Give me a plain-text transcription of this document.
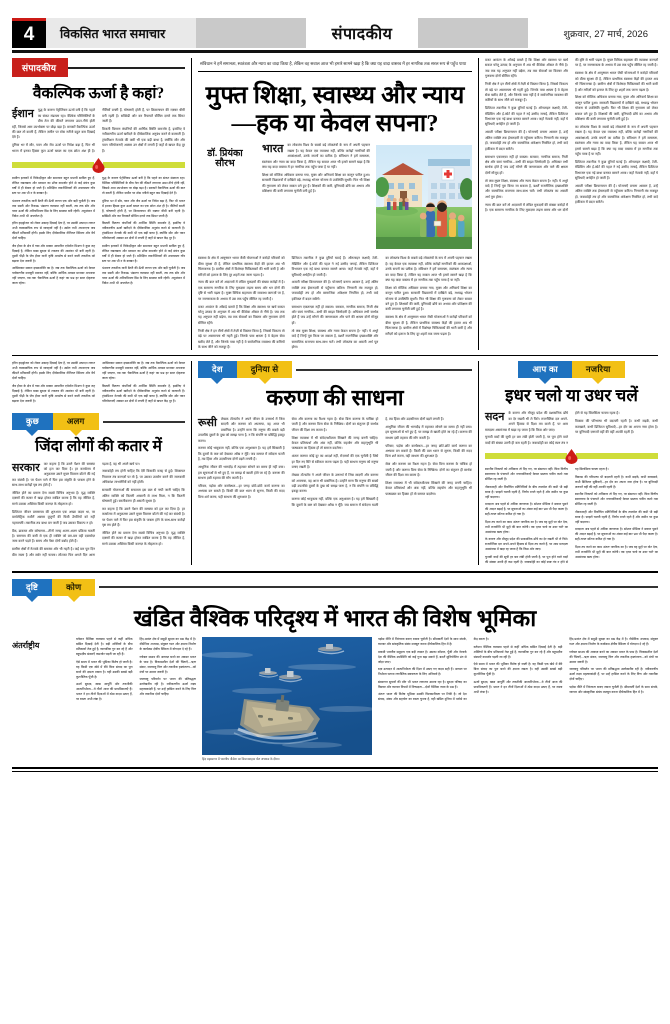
4	विकसित भारत समाचार	संपादकीय	शुक्रवार, 27 मार्च, 2026
संपादकीय
वैकल्पिक ऊर्जा है कहां?
ईशान	युद्ध के कारण पेट्रोलियम ऊर्जा बनी है कि पहले का संकट मंडराता रहा। वैश्विक परिस्थितियों के बीच तेल की कीमतें लगातार ऊपर-नीचे होती रहीं, जिससे आम उपभोक्ता पर बोझ बढ़ा है। सरकारें वैकल्पिक ऊर्जा की बात तो करती हैं, लेकिन ज़मीन पर ठोस नतीजे बहुत कम दिखाई देते हैं।

दुनिया भर में सौर, पवन और जैव ऊर्जा पर निवेश बढ़ा है, फिर भी भारत में इनका हिस्सा कुल ऊर्जा खपत का एक छोटा अंश ही है। नीतियाँ बनती हैं, घोषणाएँ होती हैं, पर क्रियान्वयन की रफ़्तार धीमी बनी रहती है। सब्सिडी और कर रियायतें सीमित दायरे तक सिमट जाती हैं।

बिजली वितरण कंपनियों की आर्थिक स्थिति कमजोर है, इसलिए वे नवीकरणीय ऊर्जा खरीदने के दीर्घकालिक अनुबंध करने से कतराती हैं। ट्रांसमिशन नेटवर्क की कमी भी एक बड़ी बाधा है, क्योंकि सौर और पवन परियोजनाएँ अक्सर उन क्षेत्रों में लगती हैं जहाँ से खपत केंद्र दूर हैं।

ग्रामीण इलाकों में विकेन्द्रीकृत सौर समाधान बहुत प्रभावी साबित हुए हैं, लेकिन रखरखाव और मरम्मत का ढाँचा कमजोर होने से कई संयंत्र कुछ वर्षों में ही बेकार हो जाते हैं। प्रशिक्षित तकनीशियनों की उपलब्धता गाँव स्तर पर अब भी न के बराबर है।

भंडारण तकनीक यानी बैटरी की ऊँची लागत एक और बड़ी चुनौती है। जब तक सस्ती और टिकाऊ भंडारण व्यवस्था नहीं बनती, तब तक सौर और पवन ऊर्जा की अनियमितता ग्रिड के लिए समस्या बनी रहेगी। अनुसंधान में निवेश अभी भी अपर्याप्त है।

हरित हाइड्रोजन को लेकर उत्साह दिखाई देता है, पर उसकी उत्पादन लागत अभी व्यावसायिक रूप से व्यवहार्य नहीं है। उद्योग तभी अपनाएगा जब कीमतें प्रतिस्पर्धी होंगी। इसके लिए दीर्घकालिक नीतिगत स्थिरता और धैर्य दोनों चाहिए।

जैव ईंधन के क्षेत्र में गन्ना और मक्का आधारित एथेनॉल मिश्रण ने कुछ राह दिखाई है, लेकिन खाद्य सुरक्षा से टकराव की आशंका भी बनी रहती है। दूसरी पीढ़ी के जैव ईंधन यानी कृषि अवशेष से बनने वाली तकनीक को बढ़ावा देना ज़रूरी है।

आखिरकार सवाल इच्छाशक्ति का है। जब तक वैकल्पिक ऊर्जा को केवल पर्यावरणीय मजबूरी मानकर नहीं, बल्कि आर्थिक अवसर मानकर अपनाया नहीं जाएगा, तब तक 'वैकल्पिक ऊर्जा है कहां' का प्रश्न हर साल दोहराया जाता रहेगा।

युद्ध के कारण पेट्रोलियम ऊर्जा बनी है कि पहले का संकट मंडराता रहा। वैश्विक परिस्थितियों के बीच तेल की कीमतें लगातार ऊपर-नीचे होती रहीं, जिससे आम उपभोक्ता पर बोझ बढ़ा है। सरकारें वैकल्पिक ऊर्जा की बात तो करती हैं, लेकिन ज़मीन पर ठोस नतीजे बहुत कम दिखाई देते हैं।

दुनिया भर में सौर, पवन और जैव ऊर्जा पर निवेश बढ़ा है, फिर भी भारत में इनका हिस्सा कुल ऊर्जा खपत का एक छोटा अंश ही है। नीतियाँ बनती हैं, घोषणाएँ होती हैं, पर क्रियान्वयन की रफ़्तार धीमी बनी रहती है। सब्सिडी और कर रियायतें सीमित दायरे तक सिमट जाती हैं।

बिजली वितरण कंपनियों की आर्थिक स्थिति कमजोर है, इसलिए वे नवीकरणीय ऊर्जा खरीदने के दीर्घकालिक अनुबंध करने से कतराती हैं। ट्रांसमिशन नेटवर्क की कमी भी एक बड़ी बाधा है, क्योंकि सौर और पवन परियोजनाएँ अक्सर उन क्षेत्रों में लगती हैं जहाँ से खपत केंद्र दूर हैं।

ग्रामीण इलाकों में विकेन्द्रीकृत सौर समाधान बहुत प्रभावी साबित हुए हैं, लेकिन रखरखाव और मरम्मत का ढाँचा कमजोर होने से कई संयंत्र कुछ वर्षों में ही बेकार हो जाते हैं। प्रशिक्षित तकनीशियनों की उपलब्धता गाँव स्तर पर अब भी न के बराबर है।

भंडारण तकनीक यानी बैटरी की ऊँची लागत एक और बड़ी चुनौती है। जब तक सस्ती और टिकाऊ भंडारण व्यवस्था नहीं बनती, तब तक सौर और पवन ऊर्जा की अनियमितता ग्रिड के लिए समस्या बनी रहेगी। अनुसंधान में निवेश अभी भी अपर्याप्त है।

संविधान ने हमें समानता, स्वतंत्रता और न्याय का वादा किया है, लेकिन वह सवाल आज भी हमारे सामने खड़ा है कि क्या यह वादा वास्तव में हर नागरिक तक सरल रूप से पहुँच पाया
मुफ्त शिक्षा, स्वास्थ्य और न्याय—हक या केवल सपना?
डॉ. प्रियंका सौरभ
भारत	का लोकतंत्र विश्व के सबसे बड़े लोकतंत्रों के रूप में अपनी पहचान रखता है। यह केवल एक व्यवस्था नहीं, बल्कि करोड़ों नागरिकों की आकांक्षाओं, उनके सपनों का प्रतीक है। संविधान ने हमें समानता, स्वतंत्रता और न्याय का वादा किया है, लेकिन यह सवाल आज भी हमारे सामने खड़ा है कि क्या यह वादा वास्तव में हर नागरिक तक पहुँच पाया है या नहीं।

शिक्षा को मौलिक अधिकार बनाया गया, मुफ़्त और अनिवार्य शिक्षा का कानून पारित हुआ। सरकारी विद्यालयों में दाखिले बढ़े, मध्याह्न भोजन योजना से उपस्थिति सुधरी। फिर भी शिक्षा की गुणवत्ता को लेकर सवाल बने हुए हैं। शिक्षकों की कमी, बुनियादी ढाँचे का अभाव और प्रशिक्षण की कमी लगातार चुनौती बनी हुई है।

स्वास्थ्य के क्षेत्र में आयुष्मान भारत जैसी योजनाओं ने करोड़ों परिवारों को बीमा सुरक्षा दी है, लेकिन प्राथमिक स्वास्थ्य केंद्रों की हालत अब भी चिंताजनक है। ग्रामीण क्षेत्रों में विशेषज्ञ चिकित्सकों की भारी कमी है और मरीज़ों को इलाज के लिए दूर शहरों तक जाना पड़ता है।

न्याय की बात करें तो अदालतों में लंबित मुकदमों की संख्या करोड़ों में है। एक सामान्य नागरिक के लिए मुकदमा लड़ना समय और धन दोनों की दृष्टि से भारी पड़ता है। मुफ़्त विधिक सहायता की व्यवस्था कागज़ों पर है, पर जागरूकता के अभाव में उस तक पहुँच सीमित रह जाती है।

बजट आवंटन के आँकड़े बताते हैं कि शिक्षा और स्वास्थ्य पर खर्च सकल घरेलू उत्पाद के अनुपात में अब भी वैश्विक औसत से नीचे है। जब तक यह अनुपात नहीं बढ़ेगा, तब तक सेवाओं का विस्तार और गुणवत्ता दोनों सीमित रहेंगे।

निजी क्षेत्र ने इन तीनों क्षेत्रों में तेज़ी से विस्तार किया है, जिससे विकल्प तो बढ़े पर असमानता भी गहरी हुई। जिनके पास क्षमता है वे बेहतर सेवा खरीद लेते हैं, और जिनके पास नहीं है वे सार्वजनिक व्यवस्था की कमियों के साथ जीने को मजबूर हैं।

डिजिटल तकनीक ने कुछ दूरियाँ घटाई हैं। ऑनलाइन कक्षाएँ, टेली-मेडिसिन और ई-कोर्ट की पहल ने नई उम्मीद जगाई, लेकिन डिजिटल विभाजन एक नई बाधा बनकर सामने आया। जहाँ नेटवर्क नहीं, वहाँ ये सुविधाएँ अर्थहीन हो जाती हैं।

असली परीक्षा क्रियान्वयन की है। योजनाएँ बनाना आसान है, उन्हें अंतिम व्यक्ति तक ईमानदारी से पहुँचाना कठिन। निगरानी तंत्र मजबूत हो, जवाबदेही तय हो और सामाजिक अंकेक्षण नियमित हो, तभी वादे हकीकत में बदल सकेंगे।

समाधान एकतरफ़ा नहीं हो सकता। सरकार, नागरिक समाज, निजी क्षेत्र और स्वयं नागरिक—सभी की साझा जिम्मेदारी है। अधिकार तभी सार्थक होते हैं जब उन्हें माँगने की जागरूकता और पाने की क्षमता दोनों मौजूद हों।

तो क्या मुफ़्त शिक्षा, स्वास्थ्य और न्याय केवल सपना है? नहीं। ये अधूरे वादे हैं जिन्हें पूरा किया जा सकता है, बशर्ते राजनीतिक इच्छाशक्ति और सामाजिक सजगता साथ-साथ चलें। तभी लोकतंत्र का असली अर्थ पूरा होगा।

का लोकतंत्र विश्व के सबसे बड़े लोकतंत्रों के रूप में अपनी पहचान रखता है। यह केवल एक व्यवस्था नहीं, बल्कि करोड़ों नागरिकों की आकांक्षाओं, उनके सपनों का प्रतीक है। संविधान ने हमें समानता, स्वतंत्रता और न्याय का वादा किया है, लेकिन यह सवाल आज भी हमारे सामने खड़ा है कि क्या यह वादा वास्तव में हर नागरिक तक पहुँच पाया है या नहीं।

शिक्षा को मौलिक अधिकार बनाया गया, मुफ़्त और अनिवार्य शिक्षा का कानून पारित हुआ। सरकारी विद्यालयों में दाखिले बढ़े, मध्याह्न भोजन योजना से उपस्थिति सुधरी। फिर भी शिक्षा की गुणवत्ता को लेकर सवाल बने हुए हैं। शिक्षकों की कमी, बुनियादी ढाँचे का अभाव और प्रशिक्षण की कमी लगातार चुनौती बनी हुई है।

स्वास्थ्य के क्षेत्र में आयुष्मान भारत जैसी योजनाओं ने करोड़ों परिवारों को बीमा सुरक्षा दी है, लेकिन प्राथमिक स्वास्थ्य केंद्रों की हालत अब भी चिंताजनक है। ग्रामीण क्षेत्रों में विशेषज्ञ चिकित्सकों की भारी कमी है और मरीज़ों को इलाज के लिए दूर शहरों तक जाना पड़ता है।

बजट आवंटन के आँकड़े बताते हैं कि शिक्षा और स्वास्थ्य पर खर्च सकल घरेलू उत्पाद के अनुपात में अब भी वैश्विक औसत से नीचे है। जब तक यह अनुपात नहीं बढ़ेगा, तब तक सेवाओं का विस्तार और गुणवत्ता दोनों सीमित रहेंगे।

निजी क्षेत्र ने इन तीनों क्षेत्रों में तेज़ी से विस्तार किया है, जिससे विकल्प तो बढ़े पर असमानता भी गहरी हुई। जिनके पास क्षमता है वे बेहतर सेवा खरीद लेते हैं, और जिनके पास नहीं है वे सार्वजनिक व्यवस्था की कमियों के साथ जीने को मजबूर हैं।

डिजिटल तकनीक ने कुछ दूरियाँ घटाई हैं। ऑनलाइन कक्षाएँ, टेली-मेडिसिन और ई-कोर्ट की पहल ने नई उम्मीद जगाई, लेकिन डिजिटल विभाजन एक नई बाधा बनकर सामने आया। जहाँ नेटवर्क नहीं, वहाँ ये सुविधाएँ अर्थहीन हो जाती हैं।

असली परीक्षा क्रियान्वयन की है। योजनाएँ बनाना आसान है, उन्हें अंतिम व्यक्ति तक ईमानदारी से पहुँचाना कठिन। निगरानी तंत्र मजबूत हो, जवाबदेही तय हो और सामाजिक अंकेक्षण नियमित हो, तभी वादे हकीकत में बदल सकेंगे।

समाधान एकतरफ़ा नहीं हो सकता। सरकार, नागरिक समाज, निजी क्षेत्र और स्वयं नागरिक—सभी की साझा जिम्मेदारी है। अधिकार तभी सार्थक होते हैं जब उन्हें माँगने की जागरूकता और पाने की क्षमता दोनों मौजूद हों।

तो क्या मुफ़्त शिक्षा, स्वास्थ्य और न्याय केवल सपना है? नहीं। ये अधूरे वादे हैं जिन्हें पूरा किया जा सकता है, बशर्ते राजनीतिक इच्छाशक्ति और सामाजिक सजगता साथ-साथ चलें। तभी लोकतंत्र का असली अर्थ पूरा होगा।

न्याय की बात करें तो अदालतों में लंबित मुकदमों की संख्या करोड़ों में है। एक सामान्य नागरिक के लिए मुकदमा लड़ना समय और धन दोनों की दृष्टि से भारी पड़ता है। मुफ़्त विधिक सहायता की व्यवस्था कागज़ों पर है, पर जागरूकता के अभाव में उस तक पहुँच सीमित रह जाती है।

स्वास्थ्य के क्षेत्र में आयुष्मान भारत जैसी योजनाओं ने करोड़ों परिवारों को बीमा सुरक्षा दी है, लेकिन प्राथमिक स्वास्थ्य केंद्रों की हालत अब भी चिंताजनक है। ग्रामीण क्षेत्रों में विशेषज्ञ चिकित्सकों की भारी कमी है और मरीज़ों को इलाज के लिए दूर शहरों तक जाना पड़ता है।

शिक्षा को मौलिक अधिकार बनाया गया, मुफ़्त और अनिवार्य शिक्षा का कानून पारित हुआ। सरकारी विद्यालयों में दाखिले बढ़े, मध्याह्न भोजन योजना से उपस्थिति सुधरी। फिर भी शिक्षा की गुणवत्ता को लेकर सवाल बने हुए हैं। शिक्षकों की कमी, बुनियादी ढाँचे का अभाव और प्रशिक्षण की कमी लगातार चुनौती बनी हुई है।

का लोकतंत्र विश्व के सबसे बड़े लोकतंत्रों के रूप में अपनी पहचान रखता है। यह केवल एक व्यवस्था नहीं, बल्कि करोड़ों नागरिकों की आकांक्षाओं, उनके सपनों का प्रतीक है। संविधान ने हमें समानता, स्वतंत्रता और न्याय का वादा किया है, लेकिन यह सवाल आज भी हमारे सामने खड़ा है कि क्या यह वादा वास्तव में हर नागरिक तक पहुँच पाया है या नहीं।

डिजिटल तकनीक ने कुछ दूरियाँ घटाई हैं। ऑनलाइन कक्षाएँ, टेली-मेडिसिन और ई-कोर्ट की पहल ने नई उम्मीद जगाई, लेकिन डिजिटल विभाजन एक नई बाधा बनकर सामने आया। जहाँ नेटवर्क नहीं, वहाँ ये सुविधाएँ अर्थहीन हो जाती हैं।

असली परीक्षा क्रियान्वयन की है। योजनाएँ बनाना आसान है, उन्हें अंतिम व्यक्ति तक ईमानदारी से पहुँचाना कठिन। निगरानी तंत्र मजबूत हो, जवाबदेही तय हो और सामाजिक अंकेक्षण नियमित हो, तभी वादे हकीकत में बदल सकेंगे।

हरित हाइड्रोजन को लेकर उत्साह दिखाई देता है, पर उसकी उत्पादन लागत अभी व्यावसायिक रूप से व्यवहार्य नहीं है। उद्योग तभी अपनाएगा जब कीमतें प्रतिस्पर्धी होंगी। इसके लिए दीर्घकालिक नीतिगत स्थिरता और धैर्य दोनों चाहिए।

जैव ईंधन के क्षेत्र में गन्ना और मक्का आधारित एथेनॉल मिश्रण ने कुछ राह दिखाई है, लेकिन खाद्य सुरक्षा से टकराव की आशंका भी बनी रहती है। दूसरी पीढ़ी के जैव ईंधन यानी कृषि अवशेष से बनने वाली तकनीक को बढ़ावा देना ज़रूरी है।

आखिरकार सवाल इच्छाशक्ति का है। जब तक वैकल्पिक ऊर्जा को केवल पर्यावरणीय मजबूरी मानकर नहीं, बल्कि आर्थिक अवसर मानकर अपनाया नहीं जाएगा, तब तक 'वैकल्पिक ऊर्जा है कहां' का प्रश्न हर साल दोहराया जाता रहेगा।

बिजली वितरण कंपनियों की आर्थिक स्थिति कमजोर है, इसलिए वे नवीकरणीय ऊर्जा खरीदने के दीर्घकालिक अनुबंध करने से कतराती हैं। ट्रांसमिशन नेटवर्क की कमी भी एक बड़ी बाधा है, क्योंकि सौर और पवन परियोजनाएँ अक्सर उन क्षेत्रों में लगती हैं जहाँ से खपत केंद्र दूर हैं।

कुछ	अलग
जिंदा लोगों की कतार में
सरकार	कर कहना है कि उसने पेंशन की समस्या को हल कर दिया है। हर कार्यालय में अनुक्रमण उसने मुफ़्त विवरण बाँटने की गई कर संबंधी है। पर पेंशन पाने में फिर इस संकृति के पात्रता होने के साथ-साथ करोड़ों पृष्ठ तय होते हैं।

जीवित होने का प्रमाण देना सबसे विचित्र अनुभव है। वृद्ध व्यक्ति दफ़्तरों की कतार में खड़ा होकर साबित करता है कि वह जीवित है, मानो उसका अस्तित्व किसी कागज़ के मोहताज हो।

डिजिटल जीवन प्रमाणपत्र की शुरुआत एक अच्छा कदम था, पर बायोमेट्रिक मशीनें अक्सर बुज़ुर्गों की घिसी उँगलियों को नहीं पहचानतीं। तकनीक तब बाधा बन जाती है जब उसका विकल्प न हो।

बैंक, डाकघर और कोषागार—तीनों जगह अलग-अलग प्रक्रिया चलती है। समन्वय की कमी से एक ही व्यक्ति को बार-बार वही दस्तावेज़ जमा करने पड़ते हैं। समय और पैसा दोनों बर्बाद होते हैं।

ग्रामीण क्षेत्रों में नेटवर्क की समस्या और भी गहरी है। कई बार पूरा दिन बीत जाता है और सर्वर नहीं चलता। लौटकर फिर अगले दिन आना पड़ता है, वह भी अपने खर्च पर।

जवाबदेही तय होनी चाहिए कि देरी किसकी वजह से हुई। शिकायत निवारण तंत्र कागज़ों पर तो है, पर उसका उपयोग करने की जानकारी अधिकांश लाभार्थियों को नहीं होती।

सरकारी योजनाओं की सफलता इस बात से नापी जानी चाहिए कि अंतिम व्यक्ति को कितनी आसानी से लाभ मिला, न कि कितनी घोषणाएँ हुईं। सरलीकरण ही असली सुधार है।

कर कहना है कि उसने पेंशन की समस्या को हल कर दिया है। हर कार्यालय में अनुक्रमण उसने मुफ़्त विवरण बाँटने की गई कर संबंधी है। पर पेंशन पाने में फिर इस संकृति के पात्रता होने के साथ-साथ करोड़ों पृष्ठ तय होते हैं।

जीवित होने का प्रमाण देना सबसे विचित्र अनुभव है। वृद्ध व्यक्ति दफ़्तरों की कतार में खड़ा होकर साबित करता है कि वह जीवित है, मानो उसका अस्तित्व किसी कागज़ के मोहताज हो।

देश	दुनिया से
करुणा की साधना
रूसी	लेखक टॉल्स्टॉय ने अपने जीवन के उत्तरार्ध में जिस सादगी और करुणा को अपनाया, वह आज भी प्रासंगिक है। उन्होंने माना कि मनुष्य की सबसे बड़ी उपलब्धि दूसरों के दुख को समझ पाना है, न कि संपत्ति या प्रसिद्धि इकट्ठा करना।

करुणा कोई भावुकता नहीं, बल्कि एक अनुशासन है। यह हमें सिखाती है कि दूसरों के कष्ट को देखकर आँख न मूँदें। जब समाज में संवेदना घटती है, तब हिंसा और उदासीनता दोनों बढ़ने लगती हैं।

आधुनिक जीवन की भागदौड़ में ठहरकर सोचने का समय ही नहीं बचा। हम सूचनाओं से भरे हुए हैं, पर समझ से खाली होते जा रहे हैं। करुणा की साधना इसी ठहराव की माँग करती है।

परिवार, पड़ोस और कार्यस्थल—हर जगह छोटे-छोटे कार्य करुणा का अभ्यास बन सकते हैं। किसी की बात ध्यान से सुनना, किसी की मदद बिना शर्त करना, यही साधना की शुरुआत है।

सेवा और करुणा का रिश्ता गहरा है। सेवा बिना करुणा के यांत्रिक हो जाती है और करुणा बिना सेवा के निष्क्रिय। दोनों का संतुलन ही सार्थक जीवन की दिशा तय करता है।

शिक्षा व्यवस्था में भी संवेदनशीलता सिखाने की जगह बननी चाहिए। केवल प्रतिस्पर्धा और अंक नहीं, बल्कि सहयोग और सहानुभूति भी पाठ्यक्रम का हिस्सा हों तो समाज बदलेगा।

अंततः करुणा कोई दूर का आदर्श नहीं, रोज़मर्रा की एक चुनौती है जिसे हर दिन नए सिरे से स्वीकार करना पड़ता है। यही साधना मनुष्य को मनुष्य बनाए रखती है।

लेखक टॉल्स्टॉय ने अपने जीवन के उत्तरार्ध में जिस सादगी और करुणा को अपनाया, वह आज भी प्रासंगिक है। उन्होंने माना कि मनुष्य की सबसे बड़ी उपलब्धि दूसरों के दुख को समझ पाना है, न कि संपत्ति या प्रसिद्धि इकट्ठा करना।

करुणा कोई भावुकता नहीं, बल्कि एक अनुशासन है। यह हमें सिखाती है कि दूसरों के कष्ट को देखकर आँख न मूँदें। जब समाज में संवेदना घटती है, तब हिंसा और उदासीनता दोनों बढ़ने लगती हैं।

आधुनिक जीवन की भागदौड़ में ठहरकर सोचने का समय ही नहीं बचा। हम सूचनाओं से भरे हुए हैं, पर समझ से खाली होते जा रहे हैं। करुणा की साधना इसी ठहराव की माँग करती है।

परिवार, पड़ोस और कार्यस्थल—हर जगह छोटे-छोटे कार्य करुणा का अभ्यास बन सकते हैं। किसी की बात ध्यान से सुनना, किसी की मदद बिना शर्त करना, यही साधना की शुरुआत है।

सेवा और करुणा का रिश्ता गहरा है। सेवा बिना करुणा के यांत्रिक हो जाती है और करुणा बिना सेवा के निष्क्रिय। दोनों का संतुलन ही सार्थक जीवन की दिशा तय करता है।

शिक्षा व्यवस्था में भी संवेदनशीलता सिखाने की जगह बननी चाहिए। केवल प्रतिस्पर्धा और अंक नहीं, बल्कि सहयोग और सहानुभूति भी पाठ्यक्रम का हिस्सा हों तो समाज बदलेगा।

आप का	नजरिया
इधर चलो या उधर चलें
सदन	के कारण और मौजूद प्रदेश की प्रशासनिक ढाँचे का देर रखती भी ले फिरे। राजनीतिक दल अपने-अपने हिसाब से दिशा तय करते हैं, पर आम मतदाता असमंजस में खड़ा रह जाता है कि किस ओर जाए।

चुनावी वादों की सूची हर बार लंबी होती जाती है, पर पूरा होने वाले वादों की संख्या उतनी ही कम रहती है। जवाबदेही का कोई स्पष्ट तंत्र न होने से यह सिलसिला चलता रहता है।

विकास की परिभाषा भी बदलती रहती है। कभी सड़कें, कभी कारख़ाने, कभी डिजिटल सुविधाएँ—हर दौर का अपना नारा होता है। पर बुनियादी ज़रूरतें वहीं की वहीं अटकी रहती हैं।

स्थानीय निकायों को अधिकार तो दिए गए, पर संसाधन नहीं। बिना वित्तीय स्वायत्तता के पंचायतें और नगरपालिकाएँ केवल प्रस्ताव पारित करने तक सीमित रह जाती हैं।

नौकरशाही और निर्वाचित प्रतिनिधियों के बीच तालमेल की कमी भी बड़ी बाधा है। फ़ाइलें चलती रहती हैं, निर्णय टलते रहते हैं और ज़मीन पर कुछ नहीं बदलता।

मतदाता अब पहले से अधिक जागरूक है। सोशल मीडिया ने सवाल पूछने की आदत बढ़ाई है, पर सूचनाओं का अंबार कई बार भ्रम भी पैदा करता है। सही-गलत छाँटना कठिन हो गया है।

दिशा तय करने का काम अंततः नागरिक का है। जब वह मुद्दों पर वोट देगा, तभी राजनीति भी मुद्दों की बात करेगी। तब 'इधर चलो या उधर चलें' का असमंजस खत्म होगा।

के कारण और मौजूद प्रदेश की प्रशासनिक ढाँचे का देर रखती भी ले फिरे। राजनीतिक दल अपने-अपने हिसाब से दिशा तय करते हैं, पर आम मतदाता असमंजस में खड़ा रह जाता है कि किस ओर जाए।

चुनावी वादों की सूची हर बार लंबी होती जाती है, पर पूरा होने वाले वादों की संख्या उतनी ही कम रहती है। जवाबदेही का कोई स्पष्ट तंत्र न होने से यह सिलसिला चलता रहता है।

विकास की परिभाषा भी बदलती रहती है। कभी सड़कें, कभी कारख़ाने, कभी डिजिटल सुविधाएँ—हर दौर का अपना नारा होता है। पर बुनियादी ज़रूरतें वहीं की वहीं अटकी रहती हैं।

स्थानीय निकायों को अधिकार तो दिए गए, पर संसाधन नहीं। बिना वित्तीय स्वायत्तता के पंचायतें और नगरपालिकाएँ केवल प्रस्ताव पारित करने तक सीमित रह जाती हैं।

नौकरशाही और निर्वाचित प्रतिनिधियों के बीच तालमेल की कमी भी बड़ी बाधा है। फ़ाइलें चलती रहती हैं, निर्णय टलते रहते हैं और ज़मीन पर कुछ नहीं बदलता।

मतदाता अब पहले से अधिक जागरूक है। सोशल मीडिया ने सवाल पूछने की आदत बढ़ाई है, पर सूचनाओं का अंबार कई बार भ्रम भी पैदा करता है। सही-गलत छाँटना कठिन हो गया है।

दिशा तय करने का काम अंततः नागरिक का है। जब वह मुद्दों पर वोट देगा, तभी राजनीति भी मुद्दों की बात करेगी। तब 'इधर चलो या उधर चलें' का असमंजस खत्म होगा।

दृष्टि	कोण
खंडित वैश्विक परिदृश्य में भारत की विशेष भूमिका
अंतर्राष्ट्रीय

वर्तमान वैश्विक व्यवस्था पहले से कहीं अधिक खंडित दिखाई देती है। बड़ी शक्तियों के बीच प्रतिस्पर्धा तेज़ हुई है, व्यापारिक गुट बन रहे हैं और बहुपक्षीय संस्थाएँ कमजोर पड़ती जा रही हैं।

ऐसे समय में भारत की भूमिका विशेष हो जाती है। वह किसी एक खेमे में बँधे बिना संवाद का पुल बनने की क्षमता रखता है। यही उसकी सबसे बड़ी कूटनीतिक पूँजी है।

ऊर्जा सुरक्षा, खाद्य आपूर्ति और तकनीकी आत्मनिर्भरता—ये तीनों आज की प्राथमिकताएँ हैं। भारत ने इन तीनों दिशाओं में ठोस कदम उठाए हैं, पर रास्ता अभी लंबा है।

हिंद-प्रशांत क्षेत्र में समुद्री सुरक्षा का प्रश्न केंद्र में है। नौसैनिक अभ्यास, संयुक्त गश्त और क्षमता निर्माण के कार्यक्रम क्षेत्रीय स्थिरता में योगदान दे रहे हैं।

ग्लोबल साउथ की आवाज़ बनने का अवसर भारत के पास है। विकासशील देशों की चिंताएँ—ऋण संकट, जलवायु वित्त और तकनीक हस्तांतरण—को मंचों पर उठाना ज़रूरी है।

जलवायु परिवर्तन पर भारत की प्रतिबद्धता उल्लेखनीय रही है। नवीकरणीय ऊर्जा लक्ष्य महत्वाकांक्षी हैं, पर उन्हें हासिल करने के लिए वित्त और तकनीक दोनों चाहिए।

हिंद महासागर में भारतीय नौसेना का विमानवाहक पोत अभ्यास के दौरान

पड़ोस नीति में निरंतरता बनाए रखना चुनौती है। सीमावर्ती देशों के साथ संपर्क, व्यापार और सांस्कृतिक संबंध मजबूत करना दीर्घकालिक हित में है।

प्रवासी भारतीय समुदाय एक बड़ी ताक़त है। उसका कौशल, पूँजी और नेटवर्क देश की वैश्विक उपस्थिति को कई गुना बढ़ा सकते हैं, बशर्ते सुनियोजित ढंग से जोड़ा जाए।

रक्षा उत्पादन में आत्मनिर्भरता की दिशा में उठाए गए कदम सही हैं। आयात पर निर्भरता घटाना रणनीतिक स्वायत्तता के लिए अनिवार्य है।

संस्थागत सुधारों की माँग भी भारत लगातार उठाता रहा है। सुरक्षा परिषद का विस्तार और व्यापार नियमों में निष्पक्षता—दोनों वैश्विक न्याय के प्रश्न हैं।

अंततः भारत की विशेष भूमिका उसकी विश्वसनीयता पर टिकी है। जो देश संवाद, संयम और सहयोग का रास्ता चुनता है, वही खंडित दुनिया में भरोसे का केंद्र बनता है।

वर्तमान वैश्विक व्यवस्था पहले से कहीं अधिक खंडित दिखाई देती है। बड़ी शक्तियों के बीच प्रतिस्पर्धा तेज़ हुई है, व्यापारिक गुट बन रहे हैं और बहुपक्षीय संस्थाएँ कमजोर पड़ती जा रही हैं।

ऐसे समय में भारत की भूमिका विशेष हो जाती है। वह किसी एक खेमे में बँधे बिना संवाद का पुल बनने की क्षमता रखता है। यही उसकी सबसे बड़ी कूटनीतिक पूँजी है।

ऊर्जा सुरक्षा, खाद्य आपूर्ति और तकनीकी आत्मनिर्भरता—ये तीनों आज की प्राथमिकताएँ हैं। भारत ने इन तीनों दिशाओं में ठोस कदम उठाए हैं, पर रास्ता अभी लंबा है।

हिंद-प्रशांत क्षेत्र में समुद्री सुरक्षा का प्रश्न केंद्र में है। नौसैनिक अभ्यास, संयुक्त गश्त और क्षमता निर्माण के कार्यक्रम क्षेत्रीय स्थिरता में योगदान दे रहे हैं।

ग्लोबल साउथ की आवाज़ बनने का अवसर भारत के पास है। विकासशील देशों की चिंताएँ—ऋण संकट, जलवायु वित्त और तकनीक हस्तांतरण—को मंचों पर उठाना ज़रूरी है।

जलवायु परिवर्तन पर भारत की प्रतिबद्धता उल्लेखनीय रही है। नवीकरणीय ऊर्जा लक्ष्य महत्वाकांक्षी हैं, पर उन्हें हासिल करने के लिए वित्त और तकनीक दोनों चाहिए।

पड़ोस नीति में निरंतरता बनाए रखना चुनौती है। सीमावर्ती देशों के साथ संपर्क, व्यापार और सांस्कृतिक संबंध मजबूत करना दीर्घकालिक हित में है।
